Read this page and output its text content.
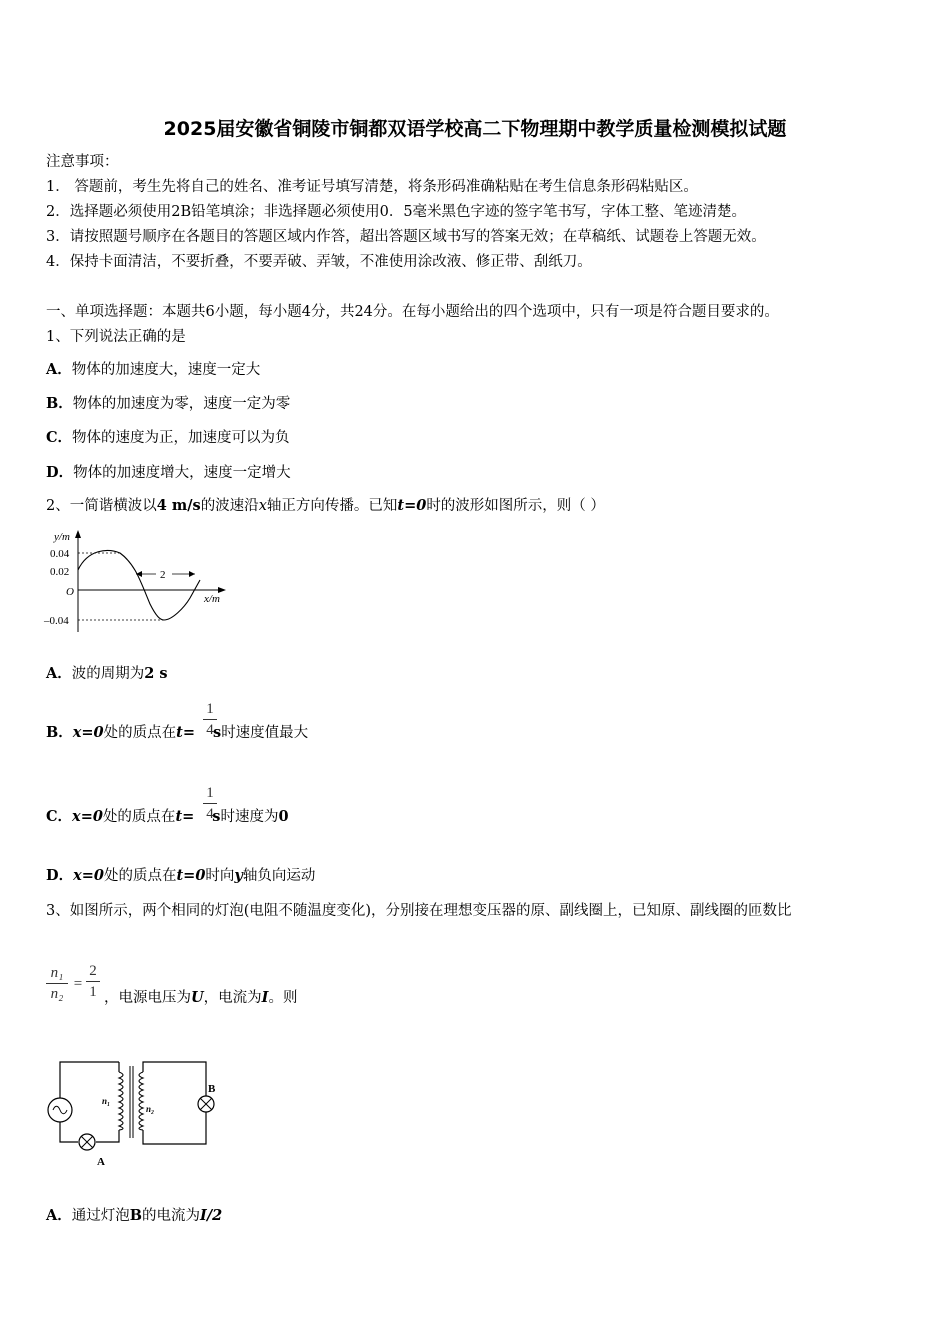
2025届安徽省铜陵市铜都双语学校高二下物理期中教学质量检测模拟试题
注意事项：
1． 答题前，考生先将自己的姓名、准考证号填写清楚，将条形码准确粘贴在考生信息条形码粘贴区。
2．选择题必须使用2B铅笔填涂；非选择题必须使用0．5毫米黑色字迹的签字笔书写，字体工整、笔迹清楚。
3．请按照题号顺序在各题目的答题区域内作答，超出答题区域书写的答案无效；在草稿纸、试题卷上答题无效。
4．保持卡面清洁，不要折叠，不要弄破、弄皱，不准使用涂改液、修正带、刮纸刀。
一、单项选择题：本题共6小题，每小题4分，共24分。在每小题给出的四个选项中，只有一项是符合题目要求的。
1、下列说法正确的是
A．物体的加速度大，速度一定大
B．物体的加速度为零，速度一定为零
C．物体的速度为正，加速度可以为负
D．物体的加速度增大，速度一定增大
2、一简谐横波以4 m/s的波速沿x轴正方向传播。已知t=0时的波形如图所示，则（ ）
y/m
x/m
0.04
0.02
O
–0.04
2
A．波的周期为2 s
B．x=0处的质点在t= s时速度值最大
1
4
C．x=0处的质点在t= s时速度为0
1
4
D．x=0处的质点在t=0时向y轴负向运动
3、如图所示，两个相同的灯泡(电阻不随温度变化)，分别接在理想变压器的原、副线圈上，已知原、副线圈的匝数比
n₁
n₂
=
2
1 ，电源电压为U，电流为I。则
A
n₁
n₂
B
A．通过灯泡B的电流为I/2
